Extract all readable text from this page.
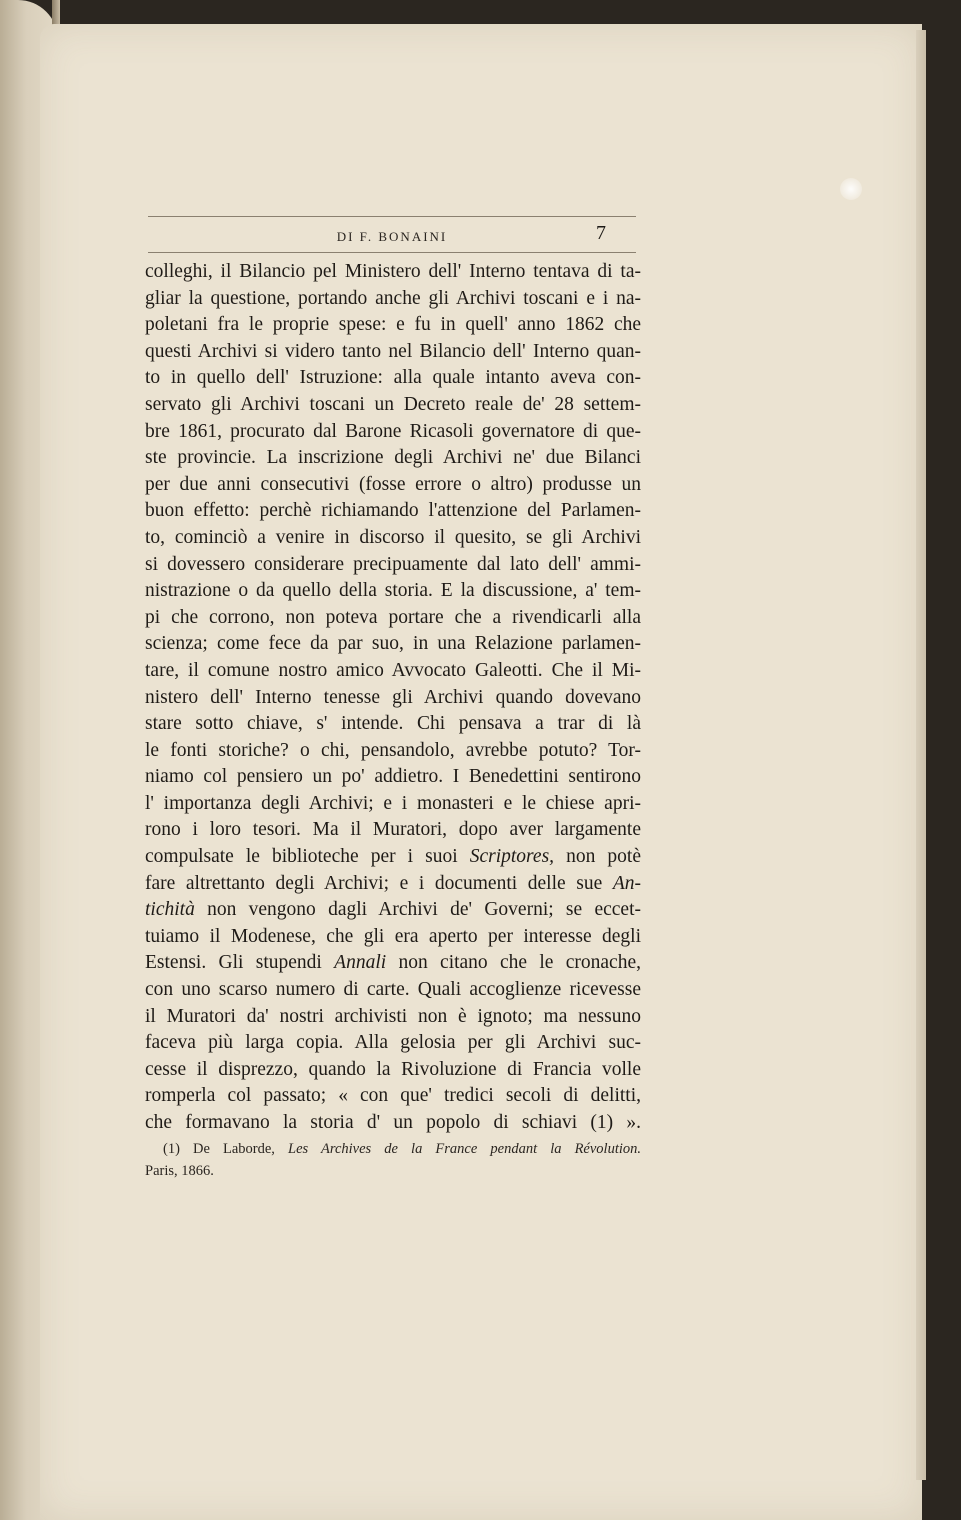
DI F. BONAINI	7
colleghi, il Bilancio pel Ministero dell' Interno tentava di ta-
gliar la questione, portando anche gli Archivi toscani e i na-
poletani fra le proprie spese: e fu in quell' anno 1862 che
questi Archivi si videro tanto nel Bilancio dell' Interno quan-
to in quello dell' Istruzione: alla quale intanto aveva con-
servato gli Archivi toscani un Decreto reale de' 28 settem-
bre 1861, procurato dal Barone Ricasoli governatore di que-
ste provincie. La inscrizione degli Archivi ne' due Bilanci
per due anni consecutivi (fosse errore o altro) produsse un
buon effetto: perchè richiamando l'attenzione del Parlamen-
to, cominciò a venire in discorso il quesito, se gli Archivi
si dovessero considerare precipuamente dal lato dell' ammi-
nistrazione o da quello della storia. E la discussione, a' tem-
pi che corrono, non poteva portare che a rivendicarli alla
scienza; come fece da par suo, in una Relazione parlamen-
tare, il comune nostro amico Avvocato Galeotti. Che il Mi-
nistero dell' Interno tenesse gli Archivi quando dovevano
stare sotto chiave, s' intende. Chi pensava a trar di là
le fonti storiche? o chi, pensandolo, avrebbe potuto? Tor-
niamo col pensiero un po' addietro. I Benedettini sentirono
l' importanza degli Archivi; e i monasteri e le chiese apri-
rono i loro tesori. Ma il Muratori, dopo aver largamente
compulsate le biblioteche per i suoi Scriptores, non potè
fare altrettanto degli Archivi; e i documenti delle sue An-
tichità non vengono dagli Archivi de' Governi; se eccet-
tuiamo il Modenese, che gli era aperto per interesse degli
Estensi. Gli stupendi Annali non citano che le cronache,
con uno scarso numero di carte. Quali accoglienze ricevesse
il Muratori da' nostri archivisti non è ignoto; ma nessuno
faceva più larga copia. Alla gelosia per gli Archivi suc-
cesse il disprezzo, quando la Rivoluzione di Francia volle
romperla col passato; « con que' tredici secoli di delitti,
che formavano la storia d' un popolo di schiavi (1) ».
(1) De Laborde, Les Archives de la France pendant la Révolution.
Paris, 1866.
